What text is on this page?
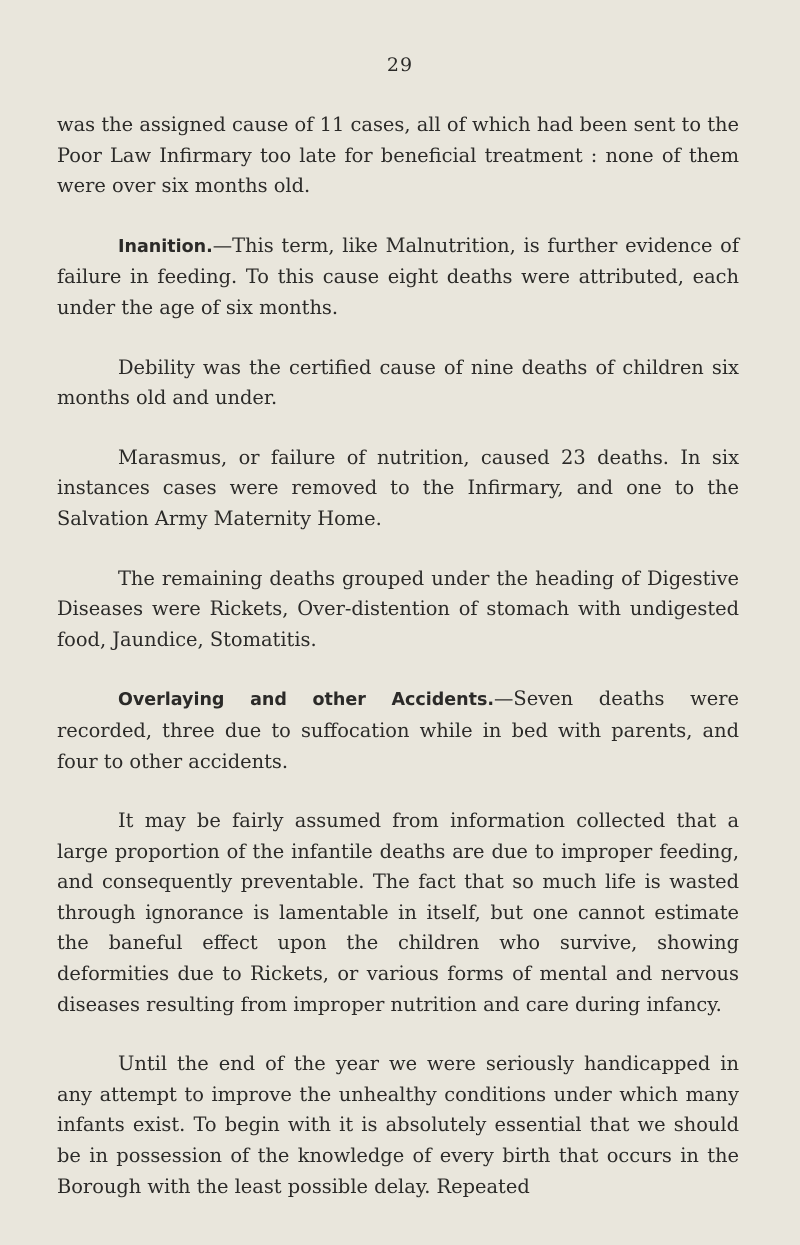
29

was the assigned cause of 11 cases, all of which had been sent to the Poor Law Infirmary too late for beneficial treatment : none of them were over six months old.

Inanition.—This term, like Malnutrition, is further evidence of failure in feeding. To this cause eight deaths were attributed, each under the age of six months.

Debility was the certified cause of nine deaths of children six months old and under.

Marasmus, or failure of nutrition, caused 23 deaths. In six instances cases were removed to the Infirmary, and one to the Salvation Army Maternity Home.

The remaining deaths grouped under the heading of Digestive Diseases were Rickets, Over-distention of stomach with undigested food, Jaundice, Stomatitis.

Overlaying and other Accidents.—Seven deaths were recorded, three due to suffocation while in bed with parents, and four to other accidents.

It may be fairly assumed from information collected that a large proportion of the infantile deaths are due to improper feeding, and consequently preventable. The fact that so much life is wasted through ignorance is lamentable in itself, but one cannot estimate the baneful effect upon the children who survive, showing deformities due to Rickets, or various forms of mental and nervous diseases resulting from improper nutrition and care during infancy.

Until the end of the year we were seriously handicapped in any attempt to improve the unhealthy conditions under which many infants exist. To begin with it is absolutely essential that we should be in possession of the knowledge of every birth that occurs in the Borough with the least possible delay. Repeated
